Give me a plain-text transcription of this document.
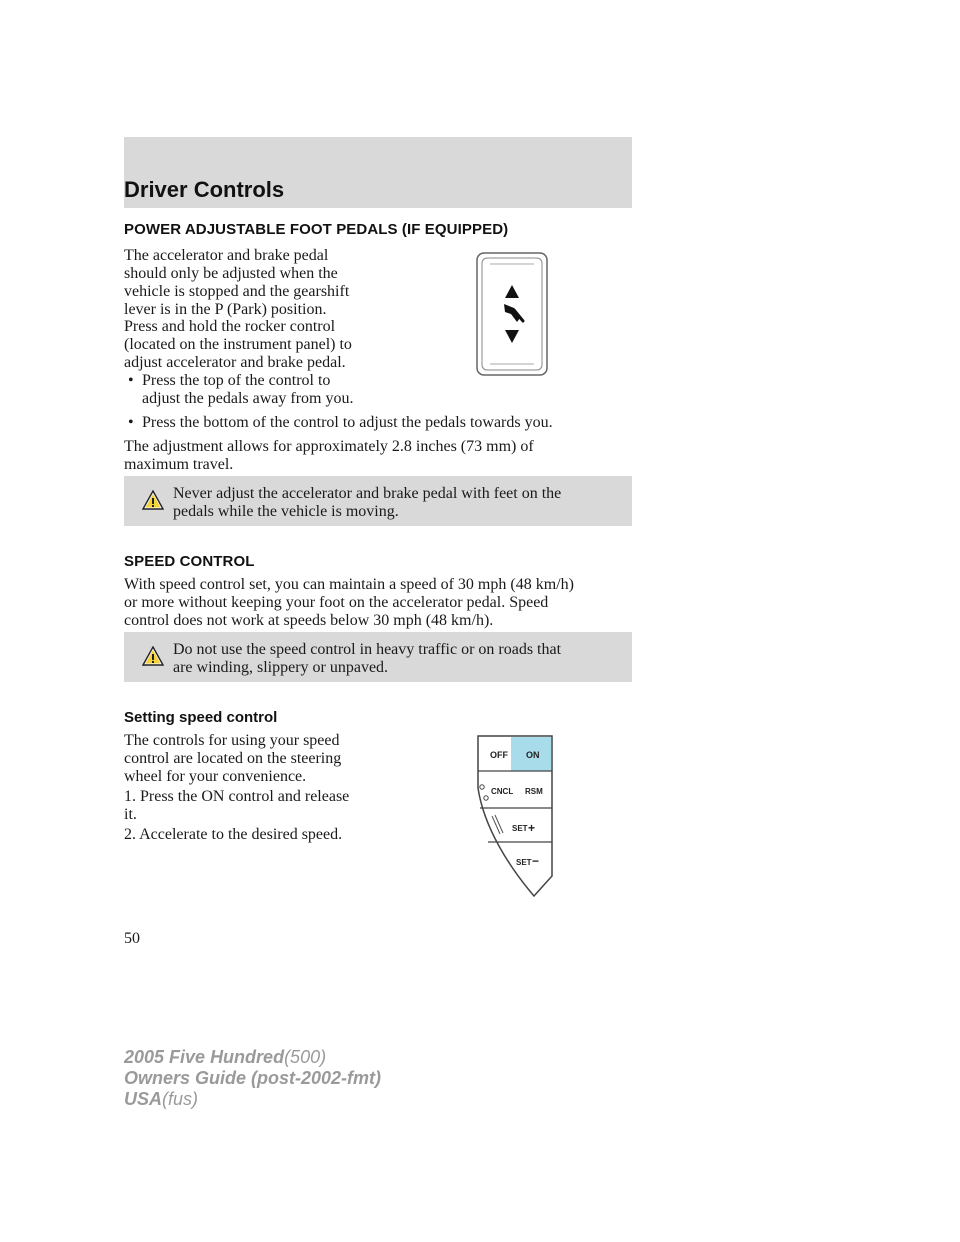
Driver Controls
POWER ADJUSTABLE FOOT PEDALS (IF EQUIPPED)
The accelerator and brake pedal
should only be adjusted when the
vehicle is stopped and the gearshift
lever is in the P (Park) position.
Press and hold the rocker control
(located on the instrument panel) to
adjust accelerator and brake pedal.
• Press the top of the control to
adjust the pedals away from you.
• Press the bottom of the control to adjust the pedals towards you.
The adjustment allows for approximately 2.8 inches (73 mm) of
maximum travel.
Never adjust the accelerator and brake pedal with feet on the
pedals while the vehicle is moving.
SPEED CONTROL
With speed control set, you can maintain a speed of 30 mph (48 km/h)
or more without keeping your foot on the accelerator pedal. Speed
control does not work at speeds below 30 mph (48 km/h).
Do not use the speed control in heavy traffic or on roads that
are winding, slippery or unpaved.
Setting speed control
The controls for using your speed
control are located on the steering
wheel for your convenience.
1. Press the ON control and release
it.
2. Accelerate to the desired speed.
OFF ON
CNCL RSM
SET +
SET −
50
2005 Five Hundred(500)
Owners Guide (post-2002-fmt)
USA(fus)
